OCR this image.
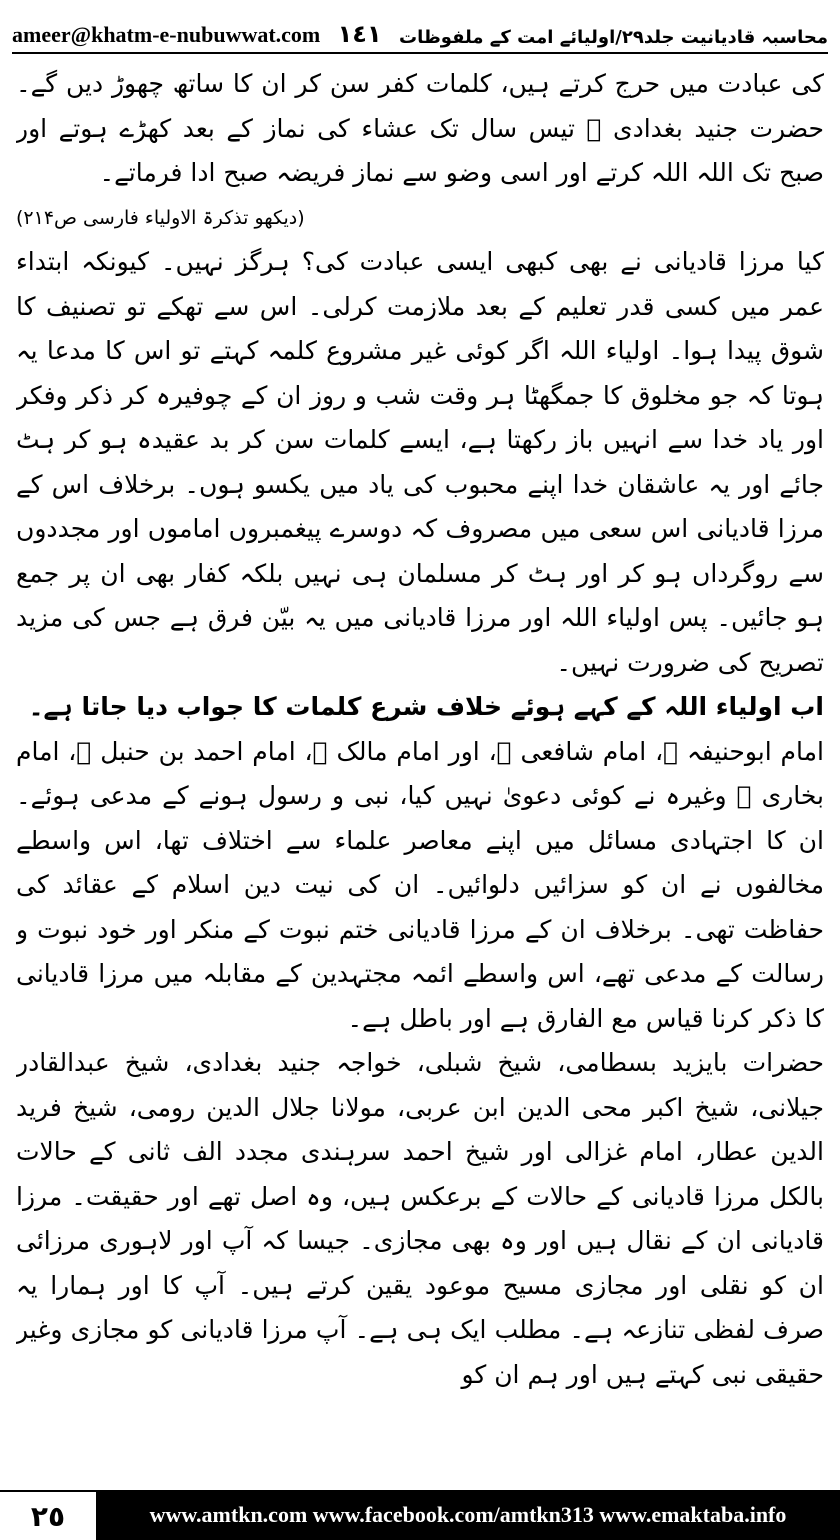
ameer@khatm-e-nubuwwat.com ١٤١ محاسبہ قادیانیت جلد۲۹/اولیائے امت کے ملفوظات

کی عبادت میں حرج کرتے ہیں، کلمات کفر سن کر ان کا ساتھ چھوڑ دیں گے۔ حضرت جنید بغدادی ﷫ تیس سال تک عشاء کی نماز کے بعد کھڑے ہوتے اور صبح تک اللہ اللہ کرتے اور اسی وضو سے نماز فریضہ صبح ادا فرماتے۔

(دیکھو تذکرۃ الاولیاء فارسی ص۲۱۴)

کیا مرزا قادیانی نے بھی کبھی ایسی عبادت کی؟ ہرگز نہیں۔ کیونکہ ابتداء عمر میں کسی قدر تعلیم کے بعد ملازمت کرلی۔ اس سے تھکے تو تصنیف کا شوق پیدا ہوا۔ اولیاء اللہ اگر کوئی غیر مشروع کلمہ کہتے تو اس کا مدعا یہ ہوتا کہ جو مخلوق کا جمگھٹا ہر وقت شب و روز ان کے چوفیرہ کر ذکر وفکر اور یاد خدا سے انہیں باز رکھتا ہے، ایسے کلمات سن کر بد عقیدہ ہو کر ہٹ جائے اور یہ عاشقان خدا اپنے محبوب کی یاد میں یکسو ہوں۔ برخلاف اس کے مرزا قادیانی اس سعی میں مصروف کہ دوسرے پیغمبروں اماموں اور مجددوں سے روگرداں ہو کر اور ہٹ کر مسلمان ہی نہیں بلکہ کفار بھی ان پر جمع ہو جائیں۔ پس اولیاء اللہ اور مرزا قادیانی میں یہ بیّن فرق ہے جس کی مزید تصریح کی ضرورت نہیں۔

اب اولیاء اللہ کے کہے ہوئے خلاف شرع کلمات کا جواب دیا جاتا ہے۔

امام ابوحنیفہ ﷫، امام شافعی ﷫، اور امام مالک ﷫، امام احمد بن حنبل ﷫، امام بخاری ﷫ وغیرہ نے کوئی دعویٰ نہیں کیا، نبی و رسول ہونے کے مدعی ہوئے۔ ان کا اجتہادی مسائل میں اپنے معاصر علماء سے اختلاف تھا، اس واسطے مخالفوں نے ان کو سزائیں دلوائیں۔ ان کی نیت دین اسلام کے عقائد کی حفاظت تھی۔ برخلاف ان کے مرزا قادیانی ختم نبوت کے منکر اور خود نبوت و رسالت کے مدعی تھے، اس واسطے ائمہ مجتہدین کے مقابلہ میں مرزا قادیانی کا ذکر کرنا قیاس مع الفارق ہے اور باطل ہے۔

حضرات بایزید بسطامی، شیخ شبلی، خواجہ جنید بغدادی، شیخ عبدالقادر جیلانی، شیخ اکبر محی الدین ابن عربی، مولانا جلال الدین رومی، شیخ فرید الدین عطار، امام غزالی اور شیخ احمد سرہندی مجدد الف ثانی کے حالات بالکل مرزا قادیانی کے حالات کے برعکس ہیں، وہ اصل تھے اور حقیقت۔ مرزا قادیانی ان کے نقال ہیں اور وہ بھی مجازی۔ جیسا کہ آپ اور لاہوری مرزائی ان کو نقلی اور مجازی مسیح موعود یقین کرتے ہیں۔ آپ کا اور ہمارا یہ صرف لفظی تنازعہ ہے۔ مطلب ایک ہی ہے۔ آپ مرزا قادیانی کو مجازی وغیر حقیقی نبی کہتے ہیں اور ہم ان کو

٢٥	www.amtkn.com www.facebook.com/amtkn313 www.emaktaba.info
